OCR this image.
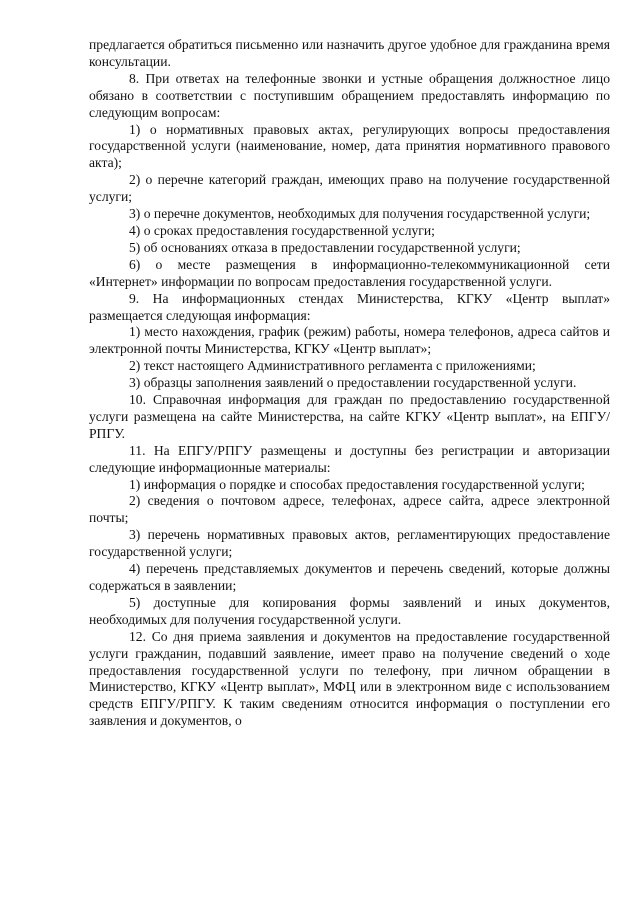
предлагается обратиться письменно или назначить другое удобное для гражданина время консультации.

8. При ответах на телефонные звонки и устные обращения должностное лицо обязано в соответствии с поступившим обращением предоставлять информацию по следующим вопросам:

1) о нормативных правовых актах, регулирующих вопросы предоставления государственной услуги (наименование, номер, дата принятия нормативного правового акта);

2) о перечне категорий граждан, имеющих право на получение государственной услуги;

3) о перечне документов, необходимых для получения государственной услуги;

4) о сроках предоставления государственной услуги;

5) об основаниях отказа в предоставлении государственной услуги;

6) о месте размещения в информационно-телекоммуникационной сети «Интернет» информации по вопросам предоставления государственной услуги.

9. На информационных стендах Министерства, КГКУ «Центр выплат» размещается следующая информация:

1) место нахождения, график (режим) работы, номера телефонов, адреса сайтов и электронной почты Министерства, КГКУ «Центр выплат»;

2) текст настоящего Административного регламента с приложениями;

3) образцы заполнения заявлений о предоставлении государственной услуги.

10. Справочная информация для граждан по предоставлению государственной услуги размещена на сайте Министерства, на сайте КГКУ «Центр выплат», на ЕПГУ/РПГУ.

11. На ЕПГУ/РПГУ размещены и доступны без регистрации и авторизации следующие информационные материалы:

1) информация о порядке и способах предоставления государственной услуги;

2) сведения о почтовом адресе, телефонах, адресе сайта, адресе электронной почты;

3) перечень нормативных правовых актов, регламентирующих предоставление государственной услуги;

4) перечень представляемых документов и перечень сведений, которые должны содержаться в заявлении;

5) доступные для копирования формы заявлений и иных документов, необходимых для получения государственной услуги.

12. Со дня приема заявления и документов на предоставление государственной услуги гражданин, подавший заявление, имеет право на получение сведений о ходе предоставления государственной услуги по телефону, при личном обращении в Министерство, КГКУ «Центр выплат», МФЦ или в электронном виде с использованием средств ЕПГУ/РПГУ. К таким сведениям относится информация о поступлении его заявления и документов, о
